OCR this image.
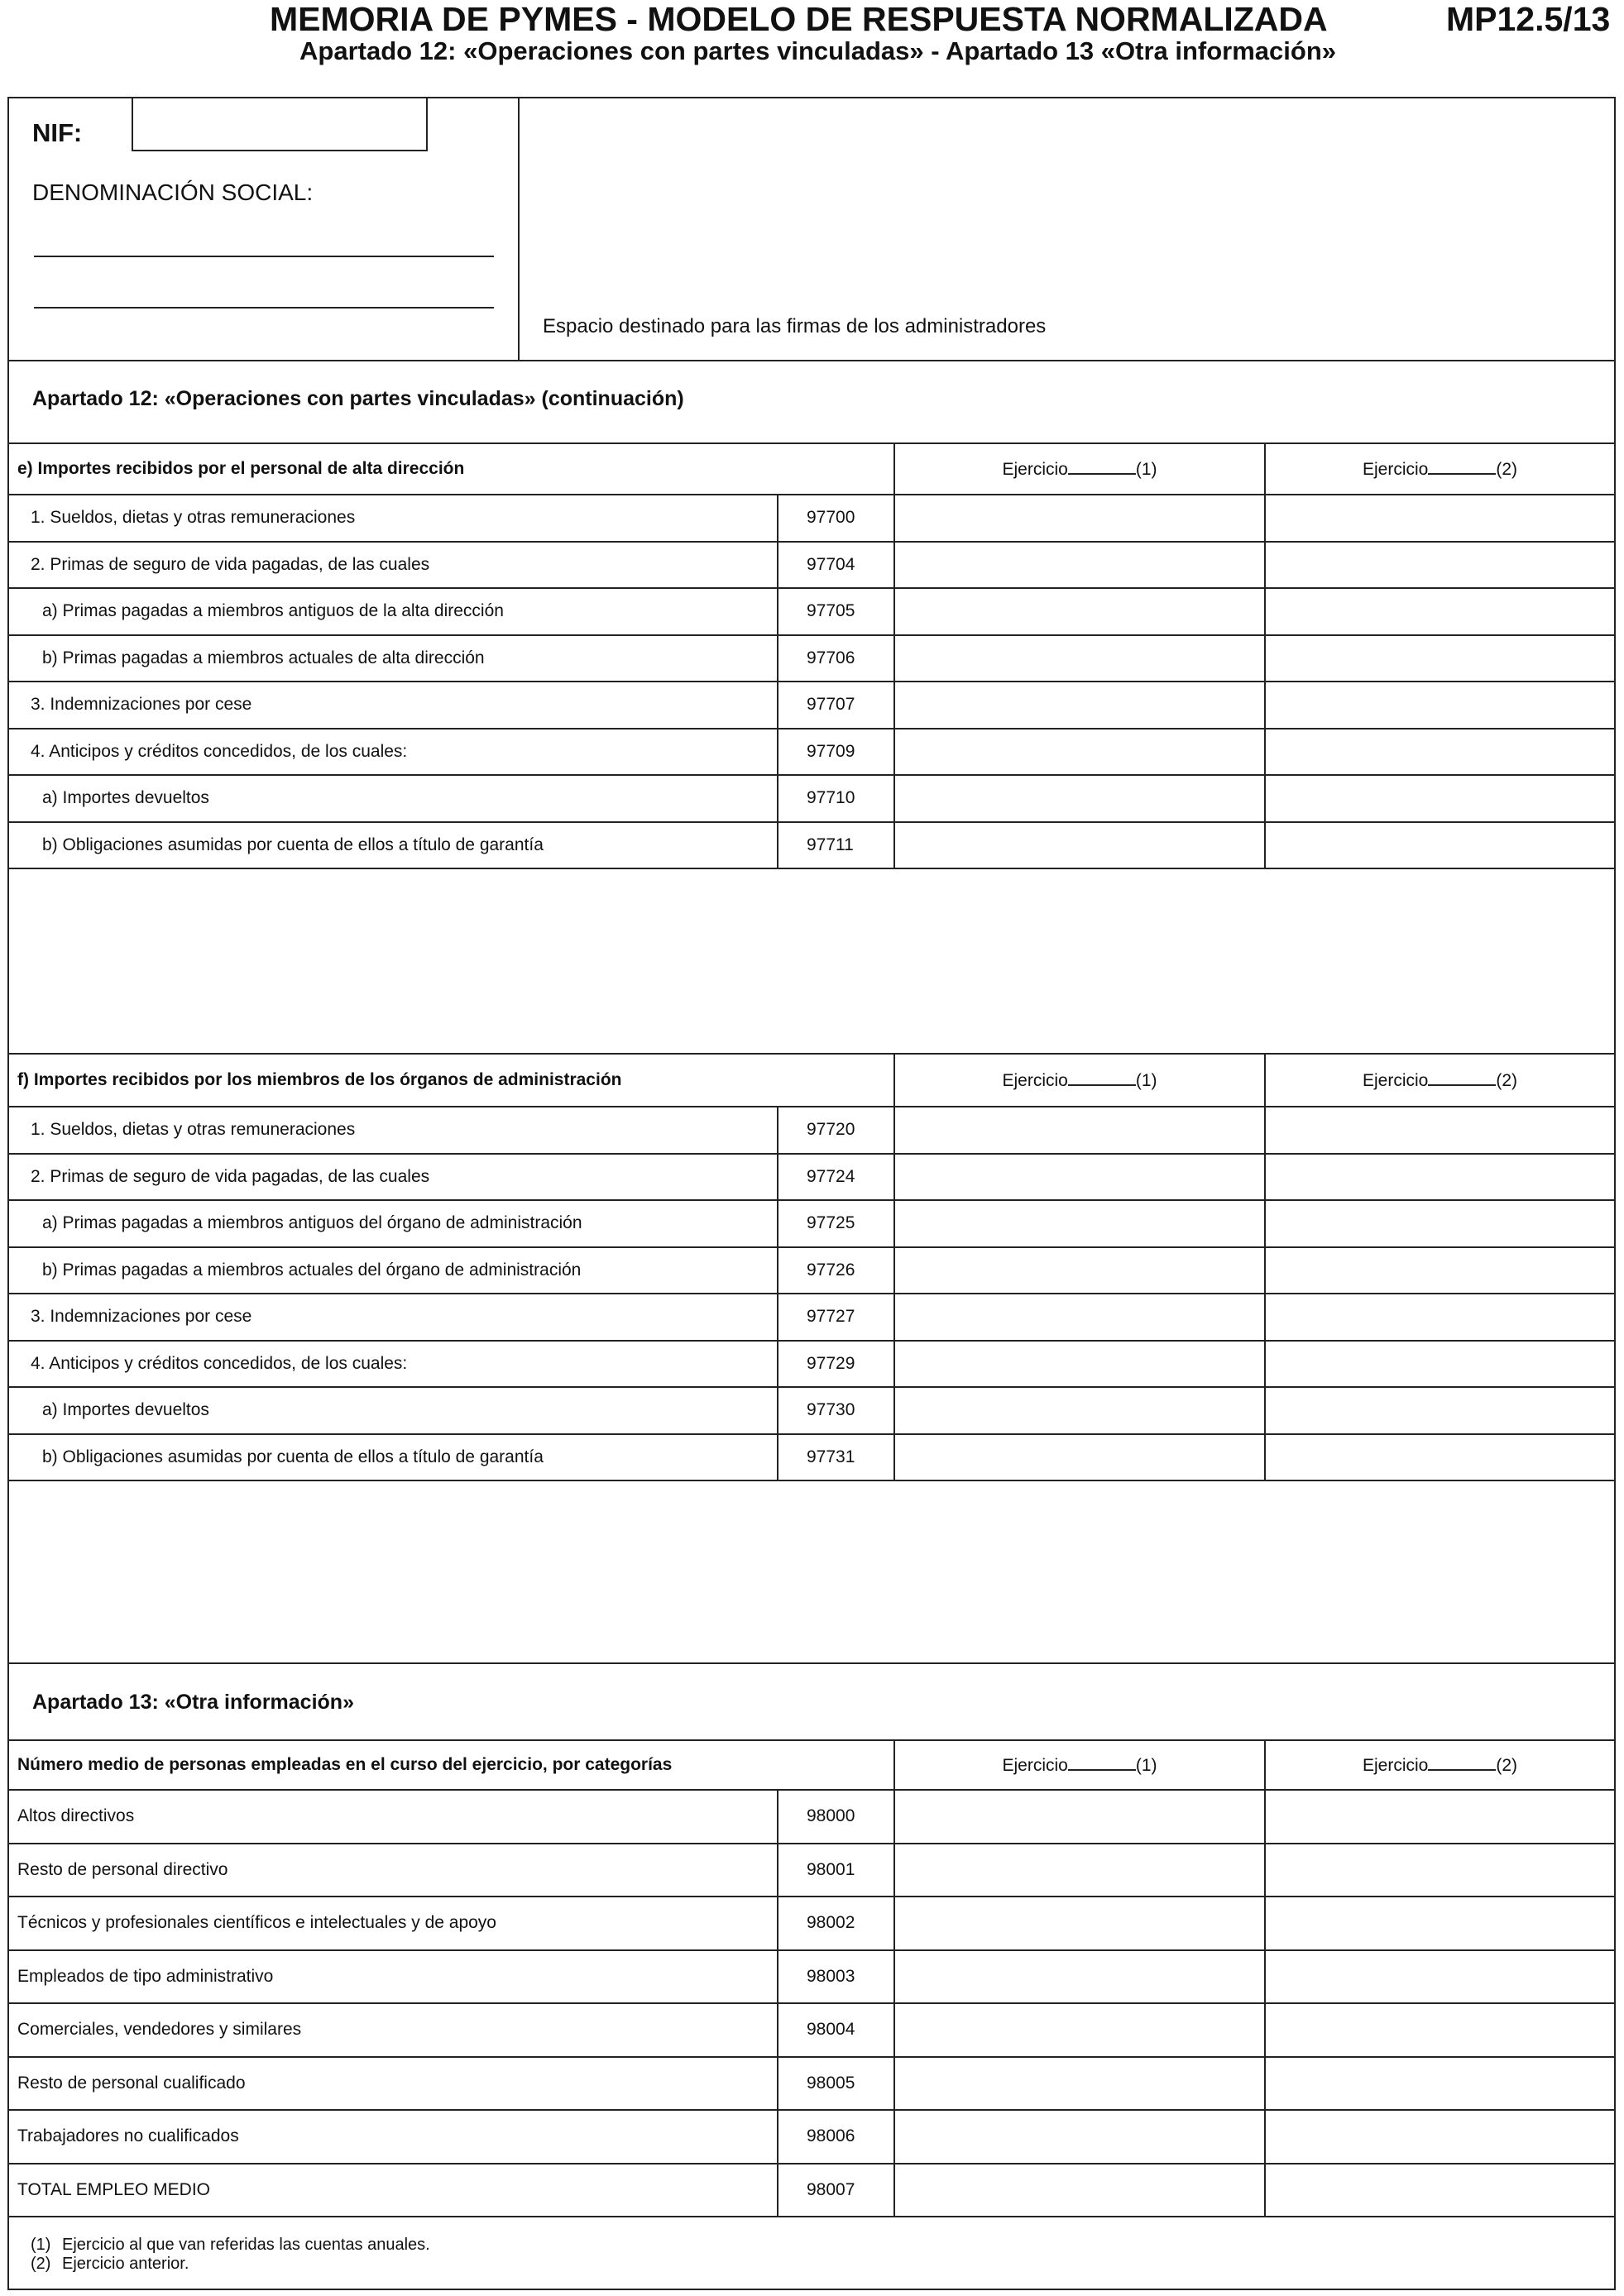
MEMORIA DE PYMES - MODELO DE RESPUESTA NORMALIZADA	MP12.5/13
Apartado 12: «Operaciones con partes vinculadas» - Apartado 13 «Otra información»
NIF:
DENOMINACIÓN SOCIAL:
Espacio destinado para las firmas de los administradores
Apartado 12: «Operaciones con partes vinculadas» (continuación)
e) Importes recibidos por el personal de alta dirección		Ejercicio (1)	Ejercicio (2)
1. Sueldos, dietas y otras remuneraciones	97700		
2. Primas de seguro de vida pagadas, de las cuales	97704		
a) Primas pagadas a miembros antiguos de la alta dirección	97705		
b) Primas pagadas a miembros actuales de alta dirección	97706		
3. Indemnizaciones por cese	97707		
4. Anticipos y créditos concedidos, de los cuales:	97709		
a) Importes devueltos	97710		
b) Obligaciones asumidas por cuenta de ellos a título de garantía	97711		
f) Importes recibidos por los miembros de los órganos de administración		Ejercicio (1)	Ejercicio (2)
1. Sueldos, dietas y otras remuneraciones	97720		
2. Primas de seguro de vida pagadas, de las cuales	97724		
a) Primas pagadas a miembros antiguos del órgano de administración	97725		
b) Primas pagadas a miembros actuales del órgano de administración	97726		
3. Indemnizaciones por cese	97727		
4. Anticipos y créditos concedidos, de los cuales:	97729		
a) Importes devueltos	97730		
b) Obligaciones asumidas por cuenta de ellos a título de garantía	97731		
Apartado 13: «Otra información»
Número medio de personas empleadas en el curso del ejercicio, por categorías		Ejercicio (1)	Ejercicio (2)
Altos directivos	98000		
Resto de personal directivo	98001		
Técnicos y profesionales científicos e intelectuales y de apoyo	98002		
Empleados de tipo administrativo	98003		
Comerciales, vendedores y similares	98004		
Resto de personal cualificado	98005		
Trabajadores no cualificados	98006		
TOTAL EMPLEO MEDIO	98007		
(1) Ejercicio al que van referidas las cuentas anuales.
(2) Ejercicio anterior.
